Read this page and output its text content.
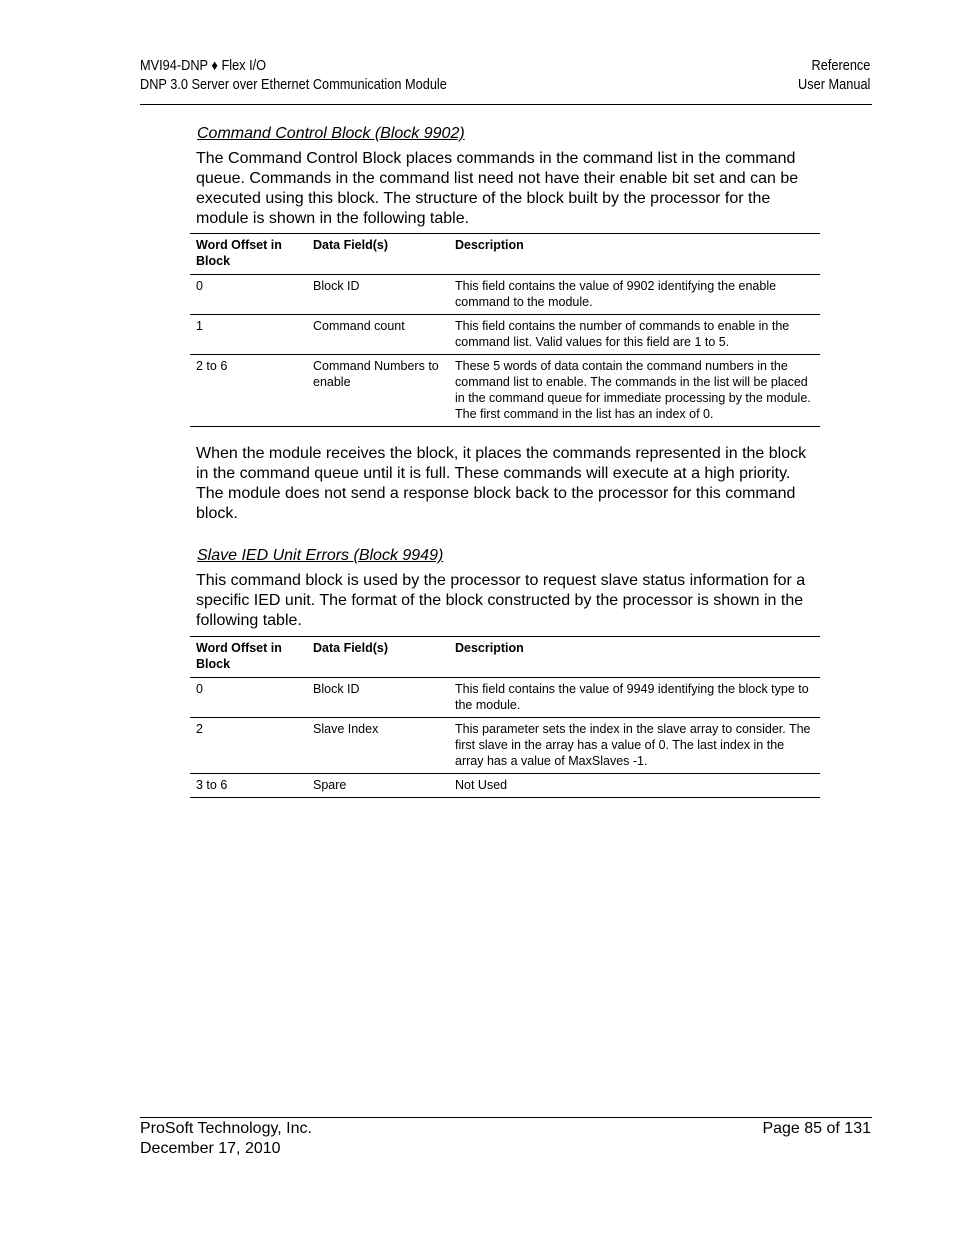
MVI94-DNP ♦ Flex I/O
DNP 3.0 Server over Ethernet Communication Module
Reference
User Manual
Command Control Block (Block 9902)

The Command Control Block places commands in the command list in the command queue. Commands in the command list need not have their enable bit set and can be executed using this block. The structure of the block built by the processor for the module is shown in the following table.

Word Offset in Block	Data Field(s)	Description
0	Block ID	This field contains the value of 9902 identifying the enable command to the module.
1	Command count	This field contains the number of commands to enable in the command list. Valid values for this field are 1 to 5.
2 to 6	Command Numbers to enable	These 5 words of data contain the command numbers in the command list to enable. The commands in the list will be placed in the command queue for immediate processing by the module. The first command in the list has an index of 0.

When the module receives the block, it places the commands represented in the block in the command queue until it is full. These commands will execute at a high priority. The module does not send a response block back to the processor for this command block.

Slave IED Unit Errors (Block 9949)

This command block is used by the processor to request slave status information for a specific IED unit. The format of the block constructed by the processor is shown in the following table.

Word Offset in Block	Data Field(s)	Description
0	Block ID	This field contains the value of 9949 identifying the block type to the module.
2	Slave Index	This parameter sets the index in the slave array to consider. The first slave in the array has a value of 0. The last index in the array has a value of MaxSlaves -1.
3 to 6	Spare	Not Used
ProSoft Technology, Inc.
December 17, 2010
Page 85 of 131
